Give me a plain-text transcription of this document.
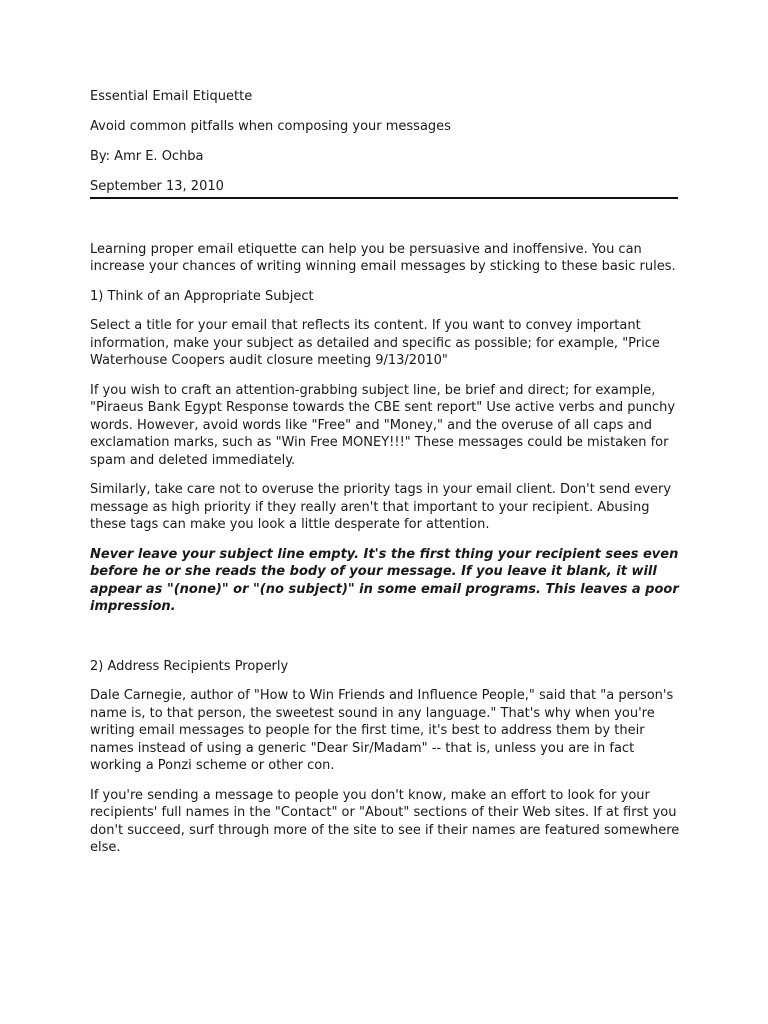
Essential Email Etiquette

Avoid common pitfalls when composing your messages

By: Amr E. Ochba

September 13, 2010

Learning proper email etiquette can help you be persuasive and inoffensive. You can increase your chances of writing winning email messages by sticking to these basic rules.

1) Think of an Appropriate Subject

Select a title for your email that reflects its content. If you want to convey important information, make your subject as detailed and specific as possible; for example, "Price Waterhouse Coopers audit closure meeting 9/13/2010"

If you wish to craft an attention-grabbing subject line, be brief and direct; for example, "Piraeus Bank Egypt Response towards the CBE sent report" Use active verbs and punchy words. However, avoid words like "Free" and "Money," and the overuse of all caps and exclamation marks, such as "Win Free MONEY!!!" These messages could be mistaken for spam and deleted immediately.

Similarly, take care not to overuse the priority tags in your email client. Don't send every message as high priority if they really aren't that important to your recipient. Abusing these tags can make you look a little desperate for attention.

Never leave your subject line empty. It's the first thing your recipient sees even before he or she reads the body of your message. If you leave it blank, it will appear as "(none)" or "(no subject)" in some email programs. This leaves a poor impression.

2) Address Recipients Properly

Dale Carnegie, author of "How to Win Friends and Influence People," said that "a person's name is, to that person, the sweetest sound in any language." That's why when you're writing email messages to people for the first time, it's best to address them by their names instead of using a generic "Dear Sir/Madam" -- that is, unless you are in fact working a Ponzi scheme or other con.

If you're sending a message to people you don't know, make an effort to look for your recipients' full names in the "Contact" or "About" sections of their Web sites. If at first you don't succeed, surf through more of the site to see if their names are featured somewhere else.
